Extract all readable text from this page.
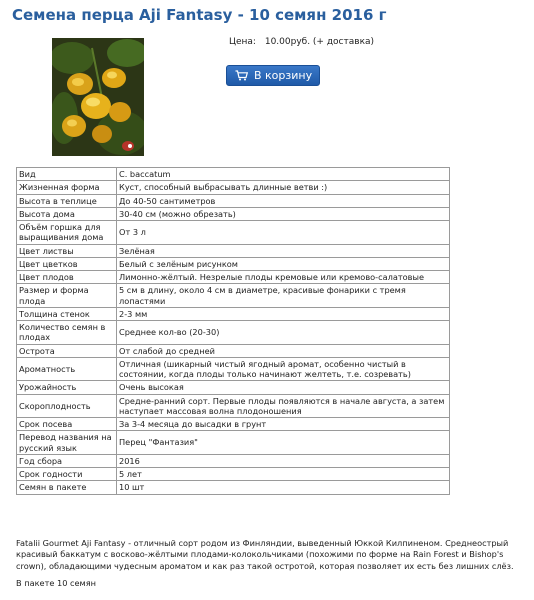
Семена перца Aji Fantasy - 10 семян 2016 г
Цена: 10.00руб. (+ доставка)
В корзину
Вид	C. baccatum
Жизненная форма	Куст, способный выбрасывать длинные ветви :)
Высота в теплице	До 40-50 сантиметров
Высота дома	30-40 см (можно обрезать)
Объём горшка для выращивания дома	От 3 л
Цвет листвы	Зелёная
Цвет цветков	Белый с зелёным рисунком
Цвет плодов	Лимонно-жёлтый. Незрелые плоды кремовые или кремово-салатовые
Размер и форма плода	5 см в длину, около 4 см в диаметре, красивые фонарики с тремя лопастями
Толщина стенок	2-3 мм
Количество семян в плодах	Среднее кол-во (20-30)
Острота	От слабой до средней
Ароматность	Отличная (шикарный чистый ягодный аромат, особенно чистый в состоянии, когда плоды только начинают желтеть, т.е. созревать)
Урожайность	Очень высокая
Скороплодность	Средне-ранний сорт. Первые плоды появляются в начале августа, а затем наступает массовая волна плодоношения
Срок посева	За 3-4 месяца до высадки в грунт
Перевод названия на русский язык	Перец "Фантазия"
Год сбора	2016
Срок годности	5 лет
Семян в пакете	10 шт

Fatalii Gourmet Aji Fantasy - отличный сорт родом из Финляндии, выведенный Юккой Килпиненом. Среднеострый красивый баккатум с восково-жёлтыми плодами-колокольчиками (похожими по форме на Rain Forest и Bishop's crown), обладающими чудесным ароматом и как раз такой остротой, которая позволяет их есть без лишних слёз.

В пакете 10 семян
